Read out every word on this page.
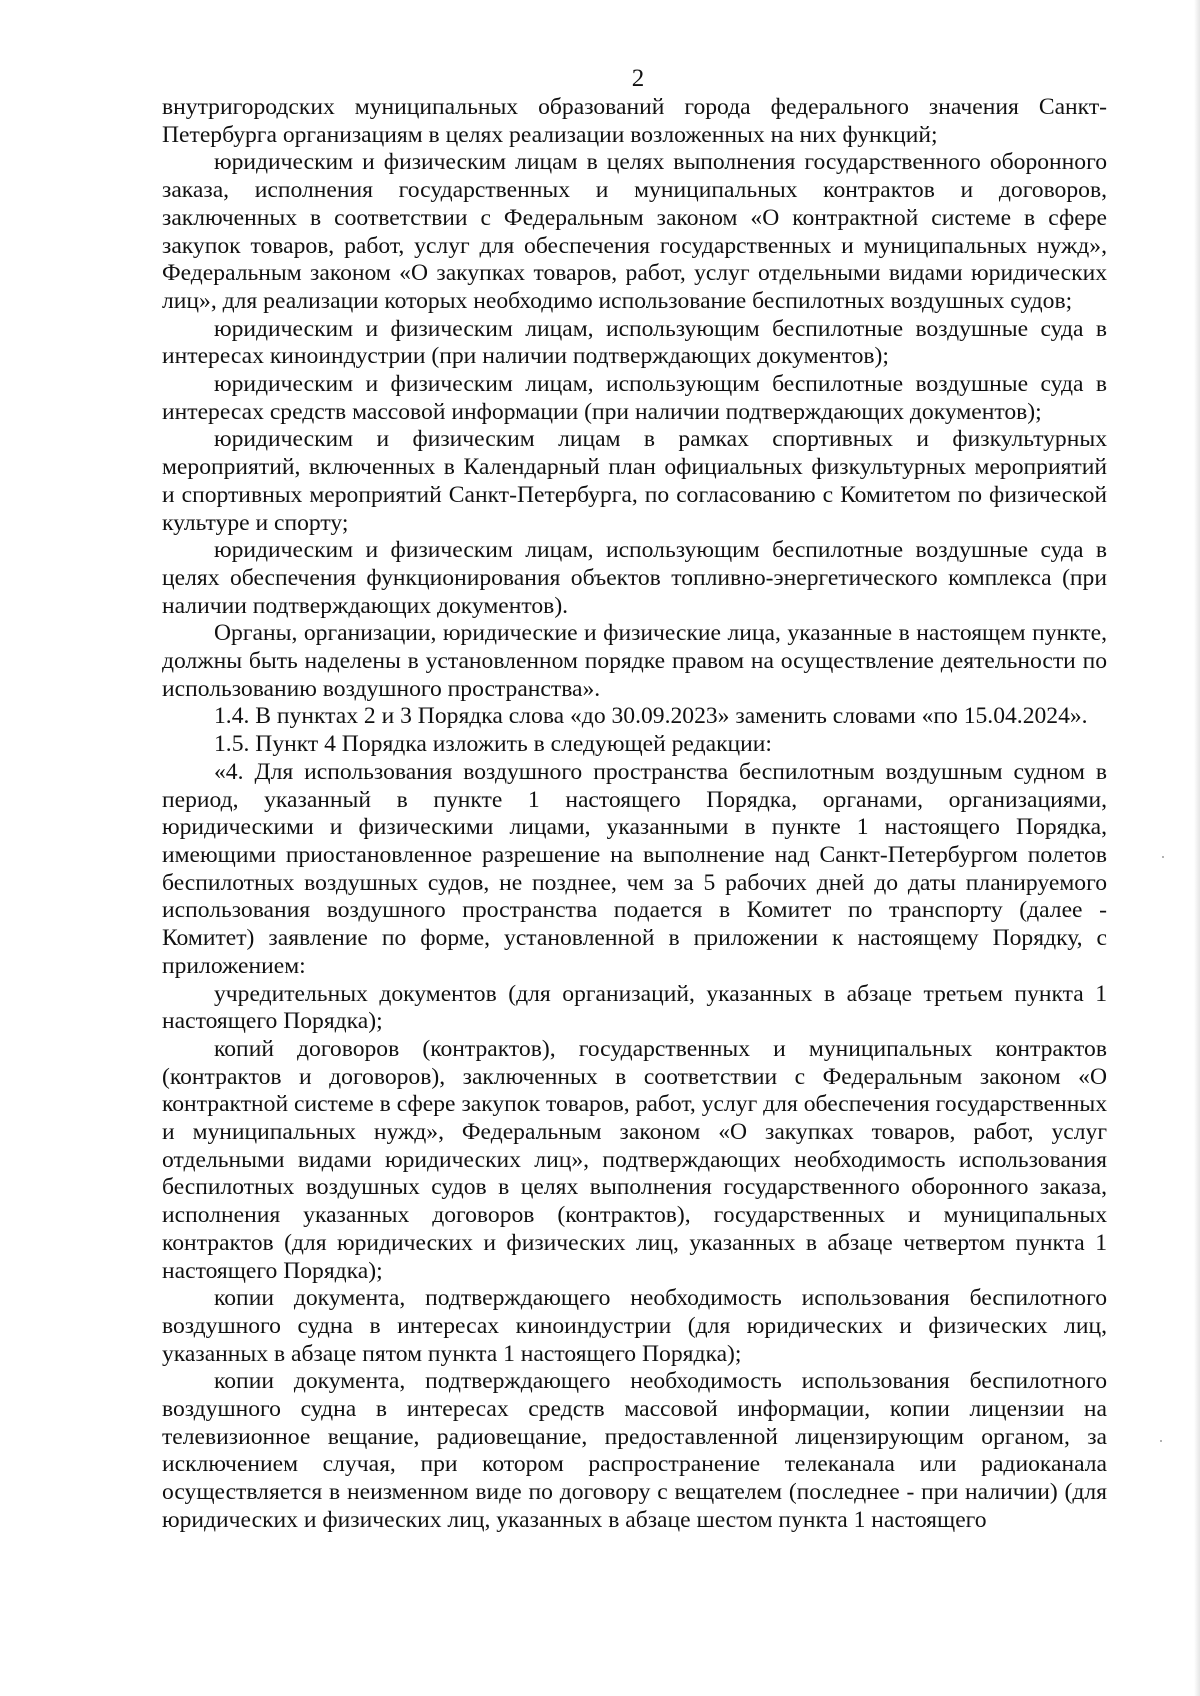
2

внутригородских муниципальных образований города федерального значения Санкт-Петербурга организациям в целях реализации возложенных на них функций;

юридическим и физическим лицам в целях выполнения государственного оборонного заказа, исполнения государственных и муниципальных контрактов и договоров, заключенных в соответствии с Федеральным законом «О контрактной системе в сфере закупок товаров, работ, услуг для обеспечения государственных и муниципальных нужд», Федеральным законом «О закупках товаров, работ, услуг отдельными видами юридических лиц», для реализации которых необходимо использование беспилотных воздушных судов;

юридическим и физическим лицам, использующим беспилотные воздушные суда в интересах киноиндустрии (при наличии подтверждающих документов);

юридическим и физическим лицам, использующим беспилотные воздушные суда в интересах средств массовой информации (при наличии подтверждающих документов);

юридическим и физическим лицам в рамках спортивных и физкультурных мероприятий, включенных в Календарный план официальных физкультурных мероприятий и спортивных мероприятий Санкт-Петербурга, по согласованию с Комитетом по физической культуре и спорту;

юридическим и физическим лицам, использующим беспилотные воздушные суда в целях обеспечения функционирования объектов топливно-энергетического комплекса (при наличии подтверждающих документов).

Органы, организации, юридические и физические лица, указанные в настоящем пункте, должны быть наделены в установленном порядке правом на осуществление деятельности по использованию воздушного пространства».

1.4. В пунктах 2 и 3 Порядка слова «до 30.09.2023» заменить словами «по 15.04.2024».

1.5. Пункт 4 Порядка изложить в следующей редакции:

«4. Для использования воздушного пространства беспилотным воздушным судном в период, указанный в пункте 1 настоящего Порядка, органами, организациями, юридическими и физическими лицами, указанными в пункте 1 настоящего Порядка, имеющими приостановленное разрешение на выполнение над Санкт-Петербургом полетов беспилотных воздушных судов, не позднее, чем за 5 рабочих дней до даты планируемого использования воздушного пространства подается в Комитет по транспорту (далее - Комитет) заявление по форме, установленной в приложении к настоящему Порядку, с приложением:

учредительных документов (для организаций, указанных в абзаце третьем пункта 1 настоящего Порядка);

копий договоров (контрактов), государственных и муниципальных контрактов (контрактов и договоров), заключенных в соответствии с Федеральным законом «О контрактной системе в сфере закупок товаров, работ, услуг для обеспечения государственных и муниципальных нужд», Федеральным законом «О закупках товаров, работ, услуг отдельными видами юридических лиц», подтверждающих необходимость использования беспилотных воздушных судов в целях выполнения государственного оборонного заказа, исполнения указанных договоров (контрактов), государственных и муниципальных контрактов (для юридических и физических лиц, указанных в абзаце четвертом пункта 1 настоящего Порядка);

копии документа, подтверждающего необходимость использования беспилотного воздушного судна в интересах киноиндустрии (для юридических и физических лиц, указанных в абзаце пятом пункта 1 настоящего Порядка);

копии документа, подтверждающего необходимость использования беспилотного воздушного судна в интересах средств массовой информации, копии лицензии на телевизионное вещание, радиовещание, предоставленной лицензирующим органом, за исключением случая, при котором распространение телеканала или радиоканала осуществляется в неизменном виде по договору с вещателем (последнее - при наличии) (для юридических и физических лиц, указанных в абзаце шестом пункта 1 настоящего
